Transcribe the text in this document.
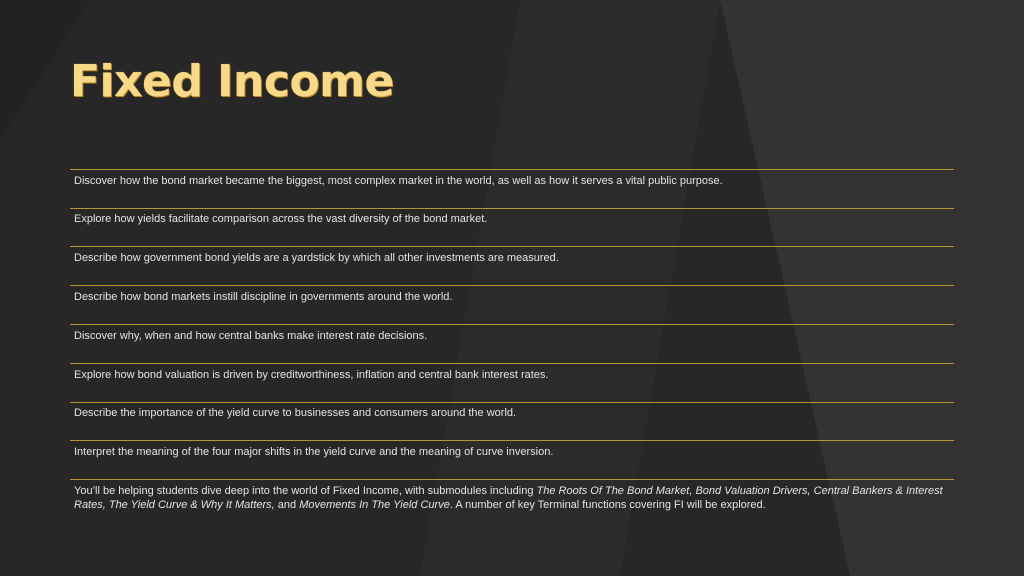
Fixed Income

Discover how the bond market became the biggest, most complex market in the world, as well as how it serves a vital public purpose.

Explore how yields facilitate comparison across the vast diversity of the bond market.

Describe how government bond yields are a yardstick by which all other investments are measured.

Describe how bond markets instill discipline in governments around the world.

Discover why, when and how central banks make interest rate decisions.

Explore how bond valuation is driven by creditworthiness, inflation and central bank interest rates.

Describe the importance of the yield curve to businesses and consumers around the world.

Interpret the meaning of the four major shifts in the yield curve and the meaning of curve inversion.

You’ll be helping students dive deep into the world of Fixed Income, with submodules including The Roots Of The Bond Market, Bond Valuation Drivers, Central Bankers & Interest Rates, The Yield Curve & Why It Matters, and Movements In The Yield Curve. A number of key Terminal functions covering FI will be explored.
